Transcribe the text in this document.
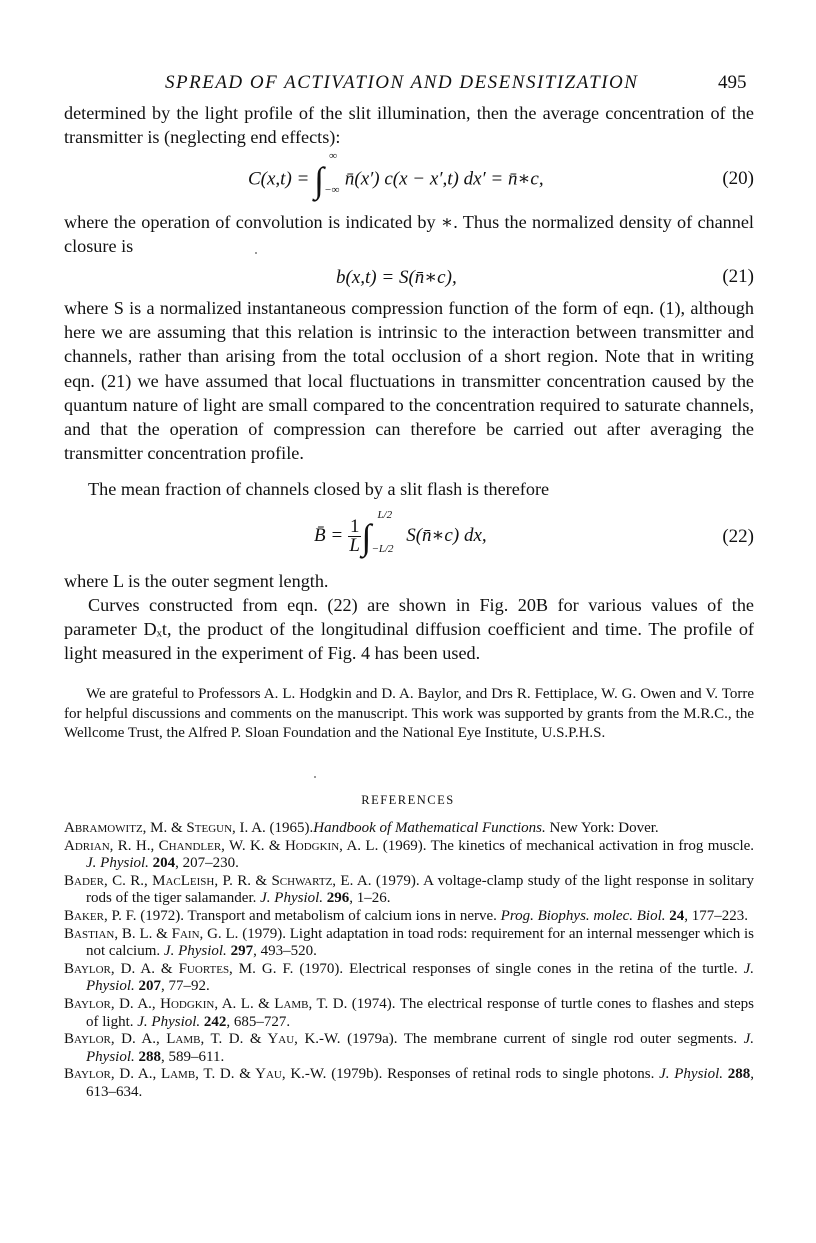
SPREAD OF ACTIVATION AND DESENSITIZATION	495

determined by the light profile of the slit illumination, then the average concentration of the transmitter is (neglecting end effects):

C(x,t) = ∫
∞
−∞
n̄(x′) c(x − x′,t) dx′ = n̄∗c,	(20)

where the operation of convolution is indicated by ∗. Thus the normalized density of channel closure is

b(x,t) = S(n̄∗c),	(21)

where S is a normalized instantaneous compression function of the form of eqn. (1), although here we are assuming that this relation is intrinsic to the interaction between transmitter and channels, rather than arising from the total occlusion of a short region. Note that in writing eqn. (21) we have assumed that local fluctuations in transmitter concentration caused by the quantum nature of light are small compared to the concentration required to saturate channels, and that the operation of compression can therefore be carried out after averaging the transmitter concentration profile.

The mean fraction of channels closed by a slit flash is therefore

B̄ = $\frac{1}{L}$ ∫
L/2
−L/2
S(n̄∗c) dx,	(22)

where L is the outer segment length.

Curves constructed from eqn. (22) are shown in Fig. 20B for various values of the parameter Dₓt, the product of the longitudinal diffusion coefficient and time. The profile of light measured in the experiment of Fig. 4 has been used.

We are grateful to Professors A. L. Hodgkin and D. A. Baylor, and Drs R. Fettiplace, W. G. Owen and V. Torre for helpful discussions and comments on the manuscript. This work was supported by grants from the M.R.C., the Wellcome Trust, the Alfred P. Sloan Foundation and the National Eye Institute, U.S.P.H.S.

REFERENCES

Abramowitz, M. & Stegun, I. A. (1965).Handbook of Mathematical Functions. New York: Dover.

Adrian, R. H., Chandler, W. K. & Hodgkin, A. L. (1969). The kinetics of mechanical activation in frog muscle. J. Physiol. 204, 207–230.

Bader, C. R., MacLeish, P. R. & Schwartz, E. A. (1979). A voltage-clamp study of the light response in solitary rods of the tiger salamander. J. Physiol. 296, 1–26.

Baker, P. F. (1972). Transport and metabolism of calcium ions in nerve. Prog. Biophys. molec. Biol. 24, 177–223.

Bastian, B. L. & Fain, G. L. (1979). Light adaptation in toad rods: requirement for an internal messenger which is not calcium. J. Physiol. 297, 493–520.

Baylor, D. A. & Fuortes, M. G. F. (1970). Electrical responses of single cones in the retina of the turtle. J. Physiol. 207, 77–92.

Baylor, D. A., Hodgkin, A. L. & Lamb, T. D. (1974). The electrical response of turtle cones to flashes and steps of light. J. Physiol. 242, 685–727.

Baylor, D. A., Lamb, T. D. & Yau, K.-W. (1979a). The membrane current of single rod outer segments. J. Physiol. 288, 589–611.

Baylor, D. A., Lamb, T. D. & Yau, K.-W. (1979b). Responses of retinal rods to single photons. J. Physiol. 288, 613–634.
